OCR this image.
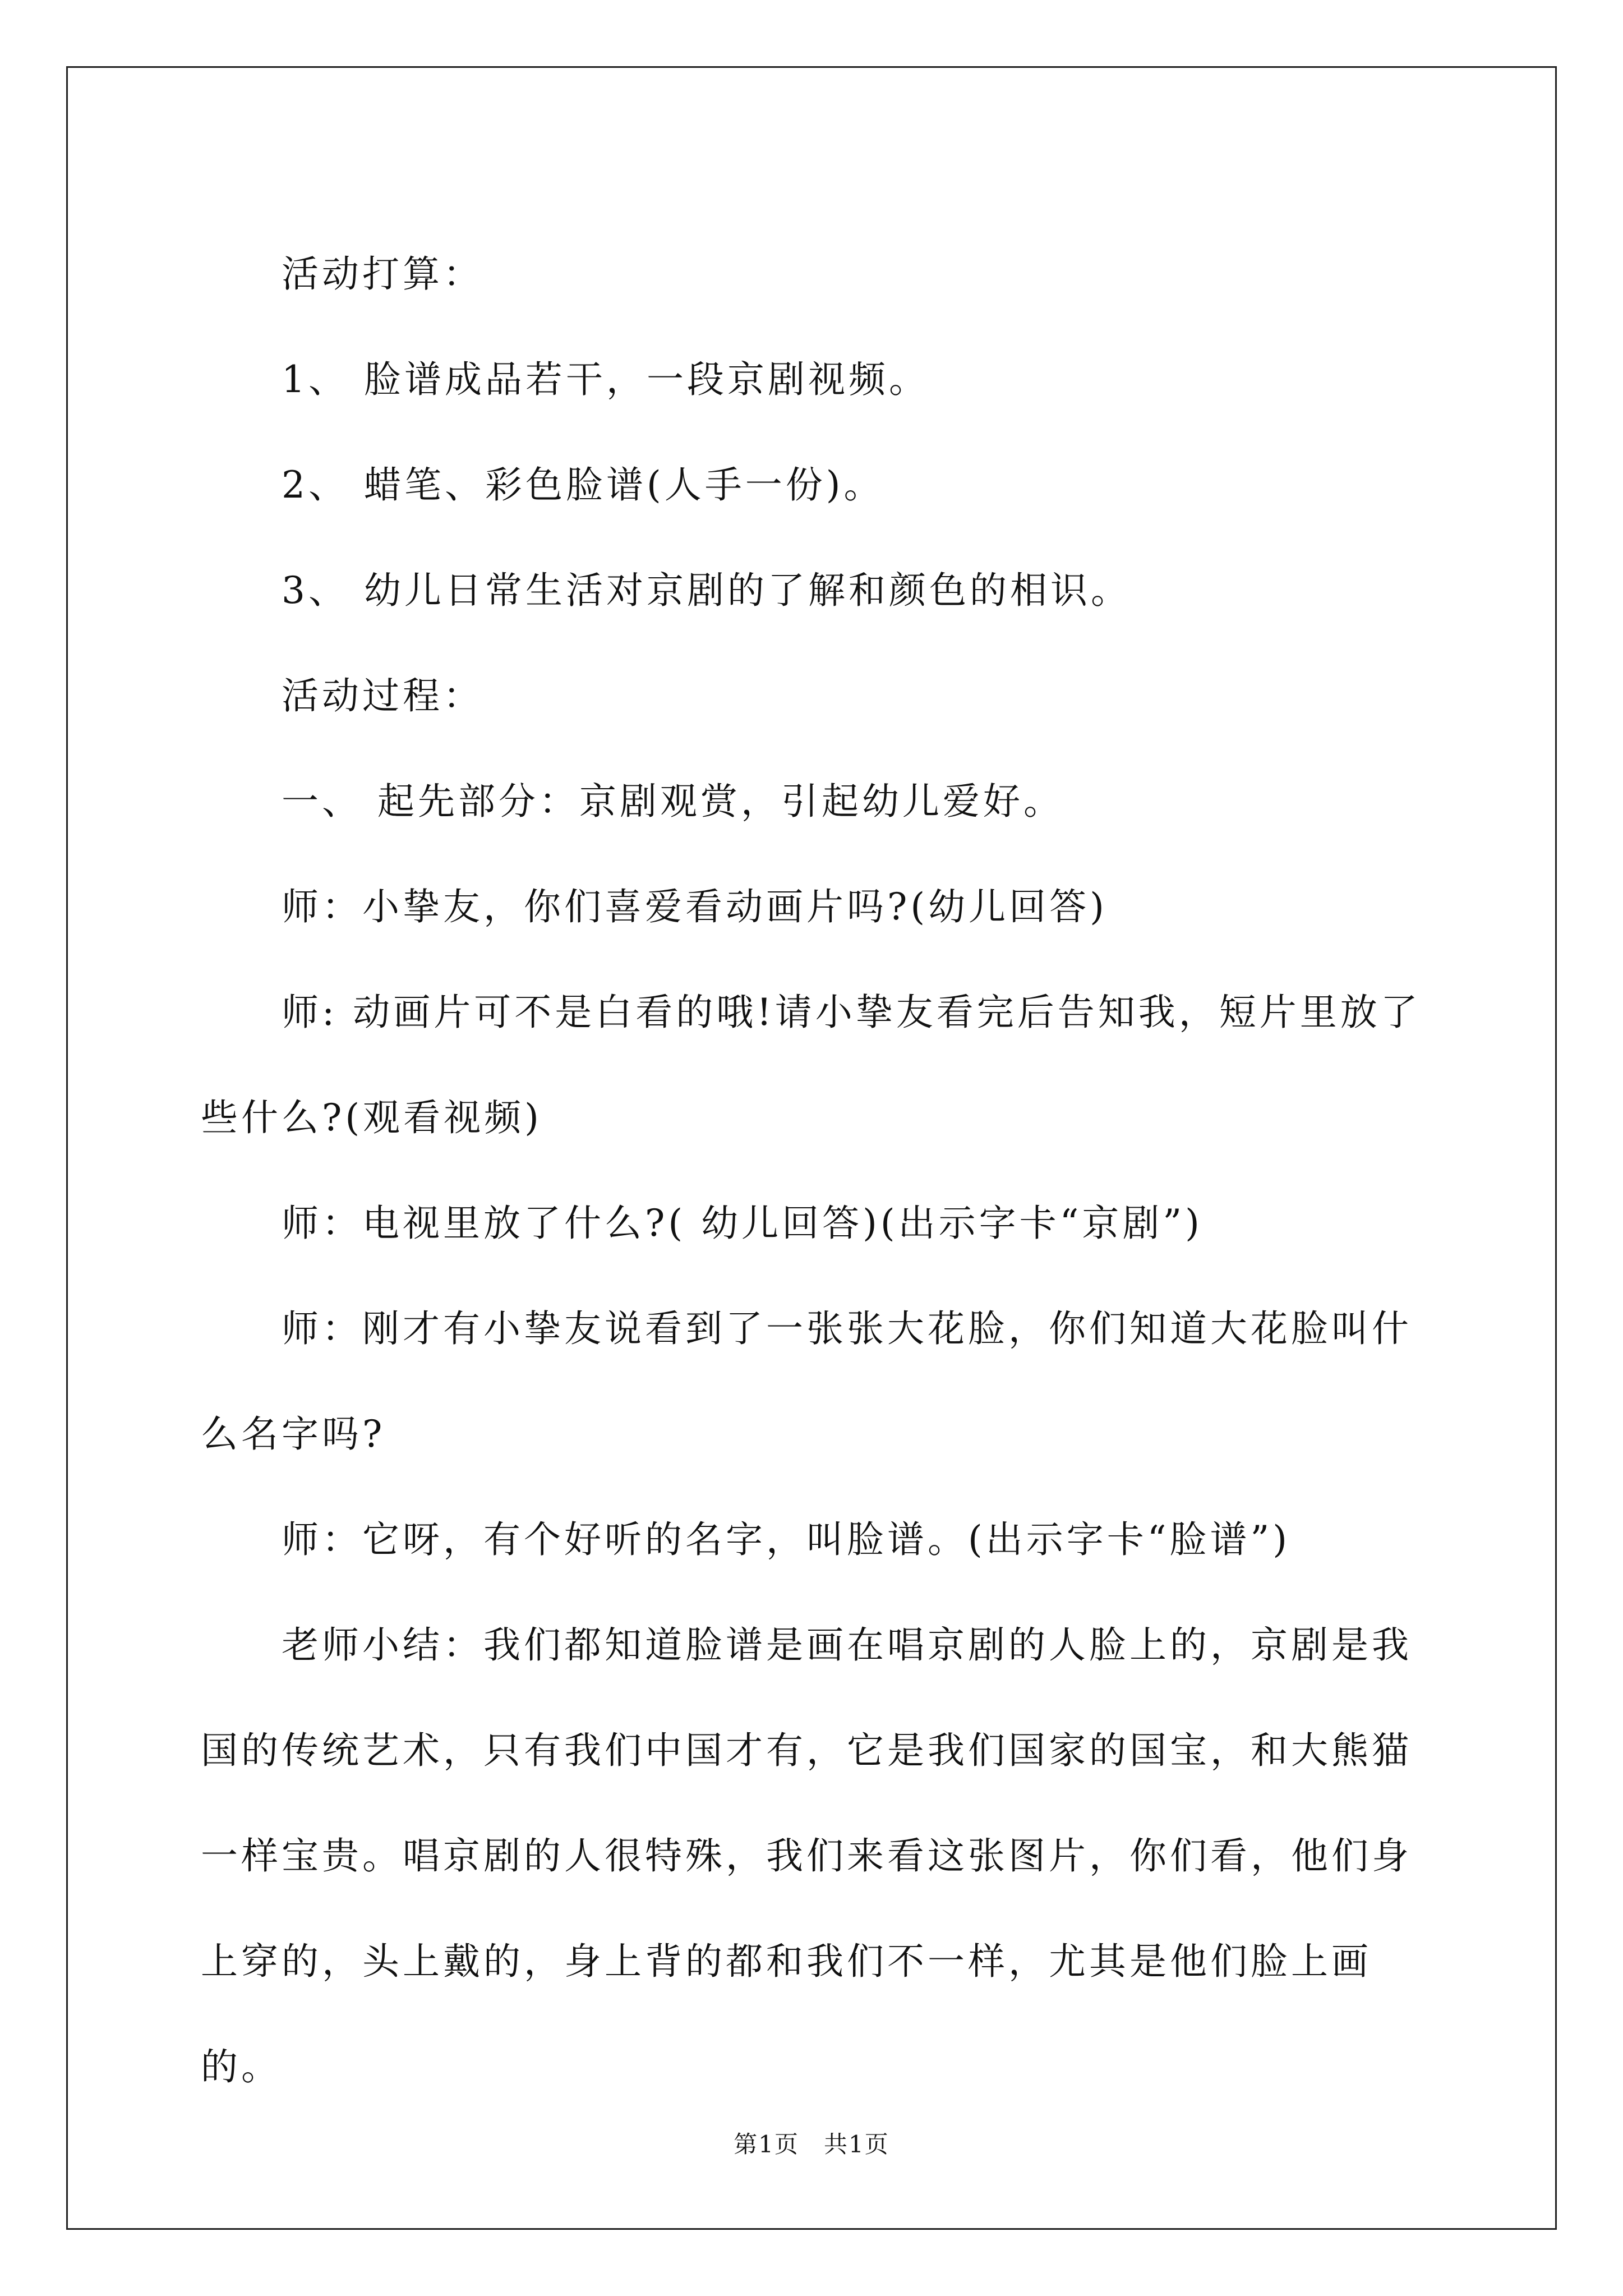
活动打算：

1、 脸谱成品若干，一段京剧视频。

2、 蜡笔、彩色脸谱(人手一份)。

3、 幼儿日常生活对京剧的了解和颜色的相识。

活动过程：

一、 起先部分：京剧观赏，引起幼儿爱好。

师：小挚友，你们喜爱看动画片吗?(幼儿回答)

师: 动画片可不是白看的哦!请小挚友看完后告知我，短片里放了些什么?(观看视频)

师：电视里放了什么?( 幼儿回答)(出示字卡“京剧”)

师：刚才有小挚友说看到了一张张大花脸，你们知道大花脸叫什么名字吗?

师：它呀，有个好听的名字，叫脸谱。(出示字卡“脸谱”)

老师小结：我们都知道脸谱是画在唱京剧的人脸上的，京剧是我国的传统艺术，只有我们中国才有，它是我们国家的国宝，和大熊猫一样宝贵。唱京剧的人很特殊，我们来看这张图片，你们看，他们身上穿的，头上戴的，身上背的都和我们不一样，尤其是他们脸上画的。

第1页　共1页
